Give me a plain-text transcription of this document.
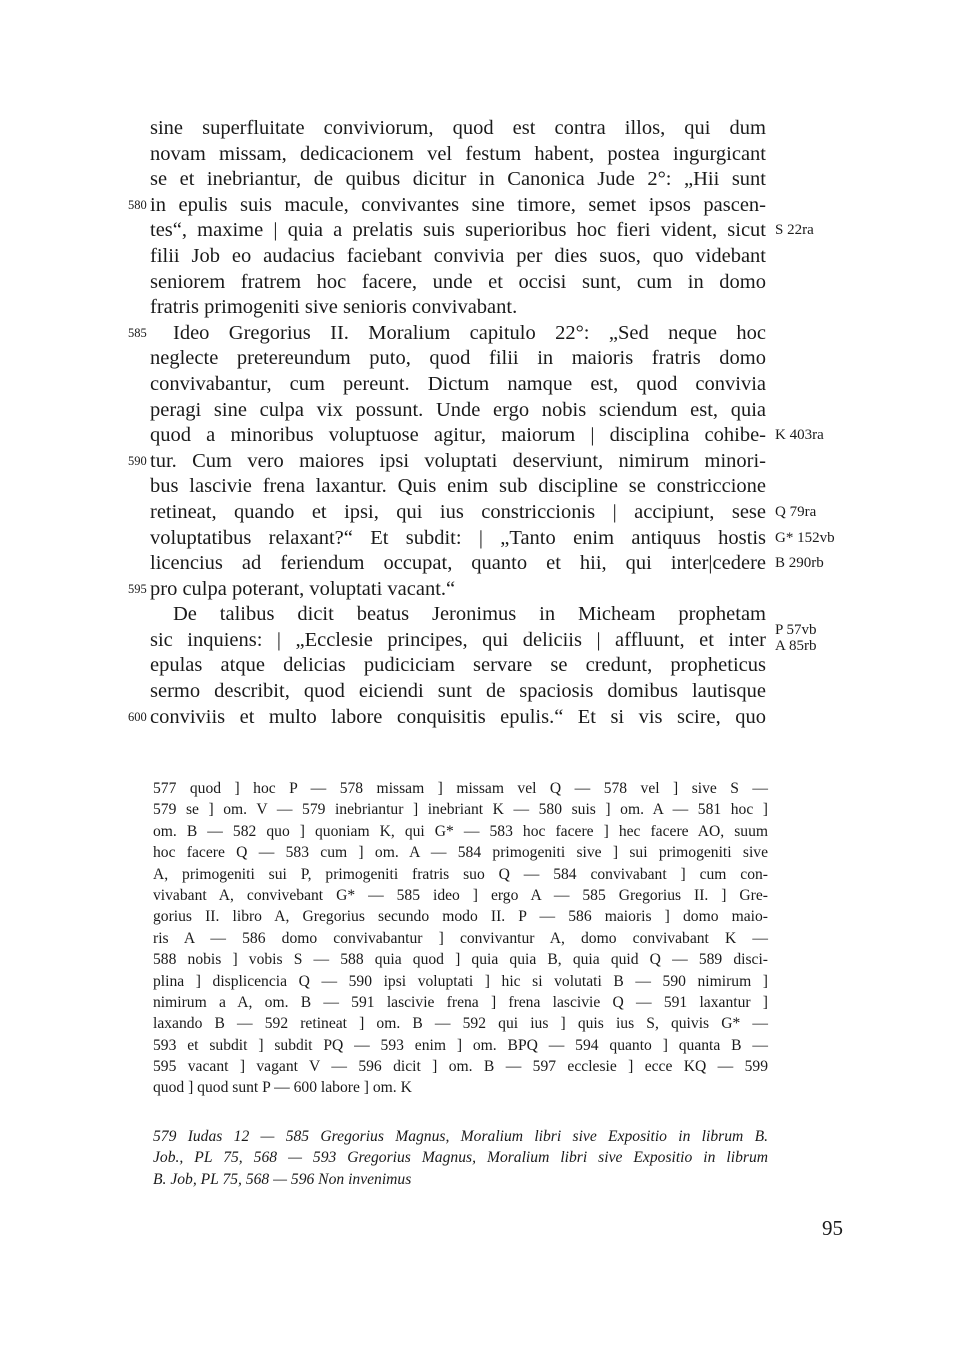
sine superfluitate conviviorum, quod est contra illos, qui dum
novam missam, dedicacionem vel festum habent, postea ingurgicant
se et inebriantur, de quibus dicitur in Canonica Jude 2°: „Hii sunt
580 in epulis suis macule, convivantes sine timore, semet ipsos pascen-
tes“, maxime | quia a prelatis suis superioribus hoc fieri vident, sicut S 22ra
filii Job eo audacius faciebant convivia per dies suos, quo videbant
seniorem fratrem hoc facere, unde et occisi sunt, cum in domo
fratris primogeniti sive senioris convivabant.
585 Ideo Gregorius II. Moralium capitulo 22°: „Sed neque hoc
neglecte pretereundum puto, quod filii in maioris fratris domo
convivabantur, cum pereunt. Dictum namque est, quod convivia
peragi sine culpa vix possunt. Unde ergo nobis sciendum est, quia
quod a minoribus voluptuose agitur, maiorum | disciplina cohibe- K 403ra
590 tur. Cum vero maiores ipsi voluptati deserviunt, nimirum minori-
bus lascivie frena laxantur. Quis enim sub discipline se constriccione
retineat, quando et ipsi, qui ius constriccionis | accipiunt, sese Q 79ra
voluptatibus relaxant?“ Et subdit: | „Tanto enim antiquus hostis G* 152vb
licencius ad feriendum occupat, quanto et hii, qui inter|cedere B 290rb
595 pro culpa poterant, voluptati vacant.“
De talibus dicit beatus Jeronimus in Micheam prophetam
sic inquiens: | „Ecclesie principes, qui deliciis | affluunt, et inter P 57vb
A 85rb
epulas atque delicias pudiciciam servare se credunt, propheticus
sermo describit, quod eiciendi sunt de spaciosis domibus lautisque
600 conviviis et multo labore conquisitis epulis.“ Et si vis scire, quo
577 quod ] hoc P — 578 missam ] missam vel Q — 578 vel ] sive S —
579 se ] om. V — 579 inebriantur ] inebriant K — 580 suis ] om. A — 581 hoc ]
om. B — 582 quo ] quoniam K, qui G* — 583 hoc facere ] hec facere AO, suum
hoc facere Q — 583 cum ] om. A — 584 primogeniti sive ] sui primogeniti sive
A, primogeniti sui P, primogeniti fratris suo Q — 584 convivabant ] cum con-
vivabant A, convivebant G* — 585 ideo ] ergo A — 585 Gregorius II. ] Gre-
gorius II. libro A, Gregorius secundo modo II. P — 586 maioris ] domo maio-
ris A — 586 domo convivabantur ] convivantur A, domo convivabant K —
588 nobis ] vobis S — 588 quia quod ] quia quia B, quia quid Q — 589 disci-
plina ] displicencia Q — 590 ipsi voluptati ] hic si volutati B — 590 nimirum ]
nimirum a A, om. B — 591 lascivie frena ] frena lascivie Q — 591 laxantur ]
laxando B — 592 retineat ] om. B — 592 qui ius ] quis ius S, quivis G* —
593 et subdit ] subdit PQ — 593 enim ] om. BPQ — 594 quanto ] quanta B —
595 vacant ] vagant V — 596 dicit ] om. B — 597 ecclesie ] ecce KQ — 599
quod ] quod sunt P — 600 labore ] om. K
579 Iudas 12 — 585 Gregorius Magnus, Moralium libri sive Expositio in librum B.
Job., PL 75, 568 — 593 Gregorius Magnus, Moralium libri sive Expositio in librum
B. Job, PL 75, 568 — 596 Non invenimus
95
